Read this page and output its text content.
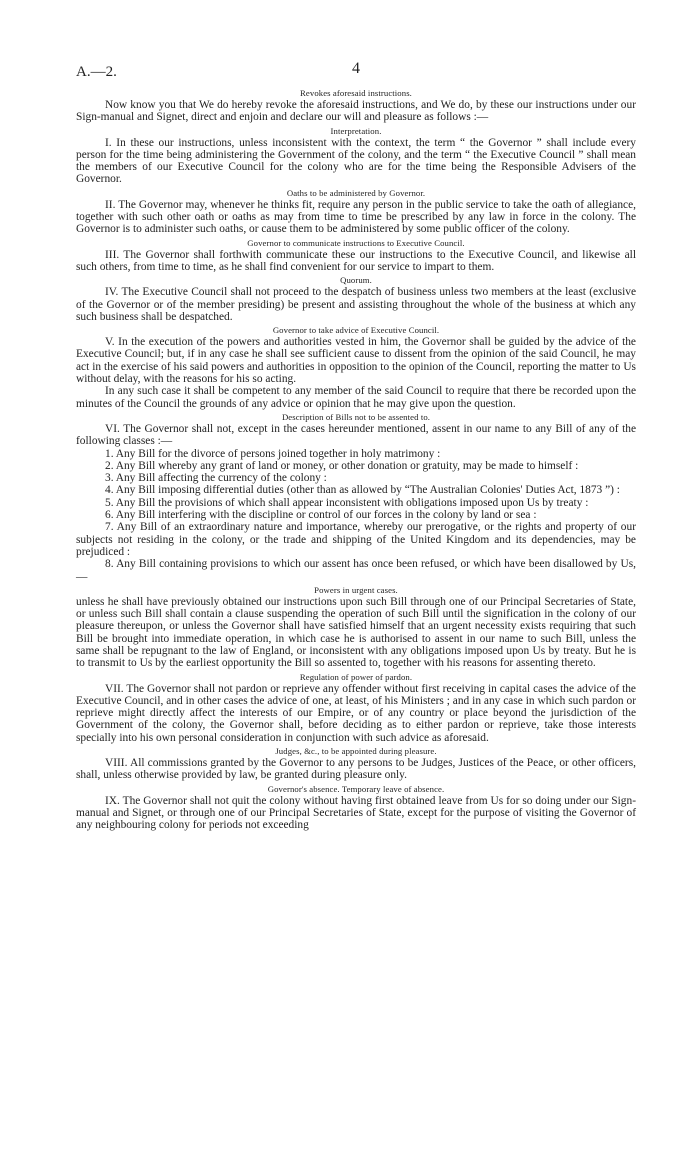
A.—2.	4
Revokes aforesaid instructions.

Now know you that We do hereby revoke the aforesaid instructions, and We do, by these our instructions under our Sign-manual and Signet, direct and enjoin and declare our will and pleasure as follows :—

Interpretation.

I. In these our instructions, unless inconsistent with the context, the term “ the Governor ” shall include every person for the time being administering the Government of the colony, and the term “ the Executive Council ” shall mean the members of our Executive Council for the colony who are for the time being the Responsible Advisers of the Governor.

Oaths to be administered by Governor.

II. The Governor may, whenever he thinks fit, require any person in the public service to take the oath of allegiance, together with such other oath or oaths as may from time to time be prescribed by any law in force in the colony. The Governor is to administer such oaths, or cause them to be administered by some public officer of the colony.

Governor to communicate instructions to Executive Council.

III. The Governor shall forthwith communicate these our instructions to the Executive Council, and likewise all such others, from time to time, as he shall find convenient for our service to impart to them.

Quorum.

IV. The Executive Council shall not proceed to the despatch of business unless two members at the least (exclusive of the Governor or of the member presiding) be present and assisting throughout the whole of the business at which any such business shall be despatched.

Governor to take advice of Executive Council.

V. In the execution of the powers and authorities vested in him, the Governor shall be guided by the advice of the Executive Council; but, if in any case he shall see sufficient cause to dissent from the opinion of the said Council, he may act in the exercise of his said powers and authorities in opposition to the opinion of the Council, reporting the matter to Us without delay, with the reasons for his so acting.

In any such case it shall be competent to any member of the said Council to require that there be recorded upon the minutes of the Council the grounds of any advice or opinion that he may give upon the question.

Description of Bills not to be assented to.

VI. The Governor shall not, except in the cases hereunder mentioned, assent in our name to any Bill of any of the following classes :—

1. Any Bill for the divorce of persons joined together in holy matrimony :

2. Any Bill whereby any grant of land or money, or other donation or gratuity, may be made to himself :

3. Any Bill affecting the currency of the colony :

4. Any Bill imposing differential duties (other than as allowed by “The Australian Colonies' Duties Act, 1873 ”) :

5. Any Bill the provisions of which shall appear inconsistent with obligations imposed upon Us by treaty :

6. Any Bill interfering with the discipline or control of our forces in the colony by land or sea :

7. Any Bill of an extraordinary nature and importance, whereby our prerogative, or the rights and property of our subjects not residing in the colony, or the trade and shipping of the United Kingdom and its dependencies, may be prejudiced :

8. Any Bill containing provisions to which our assent has once been refused, or which have been disallowed by Us,—

Powers in urgent cases.

unless he shall have previously obtained our instructions upon such Bill through one of our Principal Secretaries of State, or unless such Bill shall contain a clause suspending the operation of such Bill until the signification in the colony of our pleasure thereupon, or unless the Governor shall have satisfied himself that an urgent necessity exists requiring that such Bill be brought into immediate operation, in which case he is authorised to assent in our name to such Bill, unless the same shall be repugnant to the law of England, or inconsistent with any obligations imposed upon Us by treaty. But he is to transmit to Us by the earliest opportunity the Bill so assented to, together with his reasons for assenting thereto.

Regulation of power of pardon.

VII. The Governor shall not pardon or reprieve any offender without first receiving in capital cases the advice of the Executive Council, and in other cases the advice of one, at least, of his Ministers ; and in any case in which such pardon or reprieve might directly affect the interests of our Empire, or of any country or place beyond the jurisdiction of the Government of the colony, the Governor shall, before deciding as to either pardon or reprieve, take those interests specially into his own personal consideration in conjunction with such advice as aforesaid.

Judges, &c., to be appointed during pleasure.

VIII. All commissions granted by the Governor to any persons to be Judges, Justices of the Peace, or other officers, shall, unless otherwise provided by law, be granted during pleasure only.

Governor's absence. Temporary leave of absence.

IX. The Governor shall not quit the colony without having first obtained leave from Us for so doing under our Sign-manual and Signet, or through one of our Principal Secretaries of State, except for the purpose of visiting the Governor of any neighbouring colony for periods not exceeding
